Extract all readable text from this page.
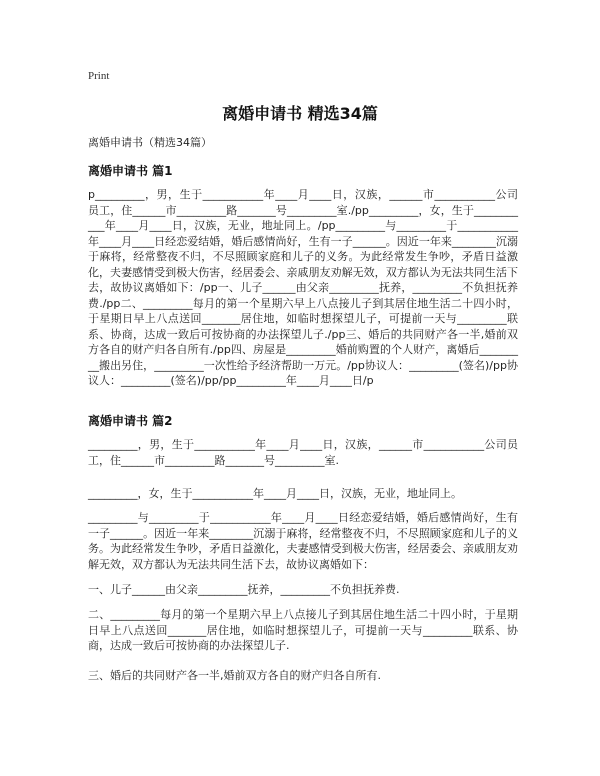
Print
离婚申请书 精选34篇
离婚申请书（精选34篇）
离婚申请书 篇1
p_________，男，生于___________年____月____日，汉族，______市___________公司员工，住______市_________路_______号_________室./pp_________，女，生于___________年____月____日，汉族，无业，地址同上。/pp_________与_________于___________年____月____日经恋爱结婚，婚后感情尚好，生有一子______。因近一年来________沉溺于麻将，经常整夜不归，不尽照顾家庭和儿子的义务。为此经常发生争吵，矛盾日益激化，夫妻感情受到极大伤害，经居委会、亲戚朋友劝解无效，双方都认为无法共同生活下去，故协议离婚如下：/pp一、儿子______由父亲_________抚养，_________不负担抚养费./pp二、_________每月的第一个星期六早上八点接儿子到其居住地生活二十四小时，于星期日早上八点送回_______居住地，如临时想探望儿子，可提前一天与_________联系、协商，达成一致后可按协商的办法探望儿子./pp三、婚后的共同财产各一半,婚前双方各自的财产归各自所有./pp四、房屋是_________婚前购置的个人财产，离婚后_________搬出另住，_________一次性给予经济帮助一万元。/pp协议人：_________(签名)/pp协议人：_________(签名)/pp/pp_________年____月____日/p
离婚申请书 篇2
_________，男，生于___________年____月____日，汉族，______市___________公司员工，住______市_________路_______号_________室.
_________，女，生于___________年____月____日，汉族，无业，地址同上。
_________与_________于___________年____月____日经恋爱结婚，婚后感情尚好，生有一子______。因近一年来________沉溺于麻将，经常整夜不归，不尽照顾家庭和儿子的义务。为此经常发生争吵，矛盾日益激化，夫妻感情受到极大伤害，经居委会、亲戚朋友劝解无效，双方都认为无法共同生活下去，故协议离婚如下：
一、儿子______由父亲_________抚养，_________不负担抚养费.
二、_________每月的第一个星期六早上八点接儿子到其居住地生活二十四小时，于星期日早上八点送回_______居住地，如临时想探望儿子，可提前一天与_________联系、协商，达成一致后可按协商的办法探望儿子.
三、婚后的共同财产各一半,婚前双方各自的财产归各自所有.
